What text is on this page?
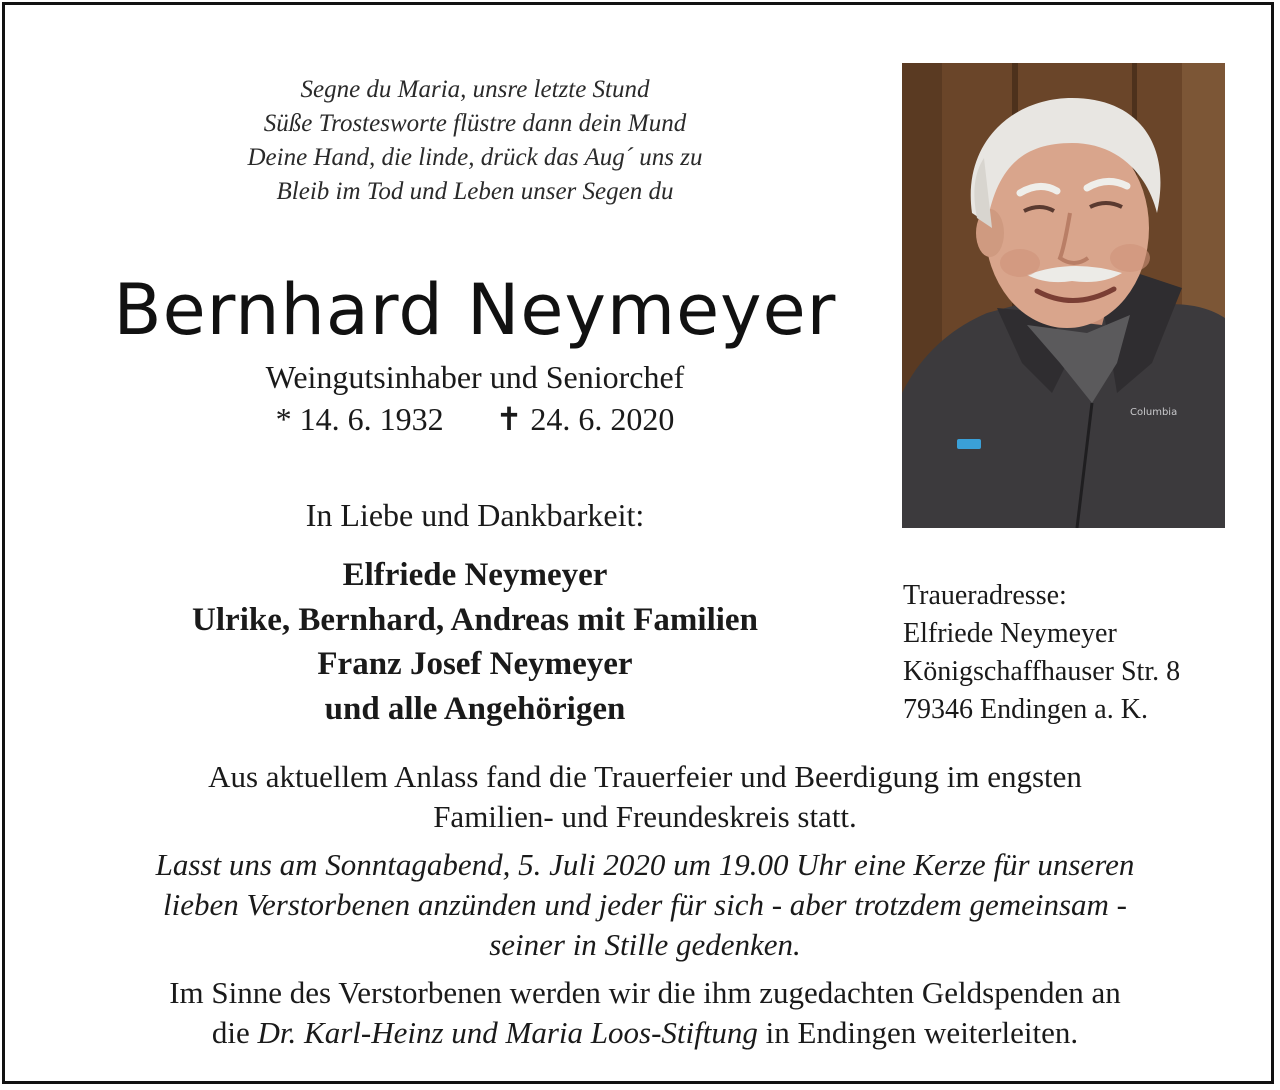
Segne du Maria, unsre letzte Stund
Süße Trostesworte flüstre dann dein Mund
Deine Hand, die linde, drück das Aug´ uns zu
Bleib im Tod und Leben unser Segen du
Bernhard Neymeyer
Weingutsinhaber und Seniorchef
* 14. 6. 1932 ✝ 24. 6. 2020
In Liebe und Dankbarkeit:
Elfriede Neymeyer
Ulrike, Bernhard, Andreas mit Familien
Franz Josef Neymeyer
und alle Angehörigen
Columbia
Traueradresse:
Elfriede Neymeyer
Königschaffhauser Str. 8
79346 Endingen a. K.
Aus aktuellem Anlass fand die Trauerfeier und Beerdigung im engsten
Familien- und Freundeskreis statt.
Lasst uns am Sonntagabend, 5. Juli 2020 um 19.00 Uhr eine Kerze für unseren
lieben Verstorbenen anzünden und jeder für sich - aber trotzdem gemeinsam -
seiner in Stille gedenken.
Im Sinne des Verstorbenen werden wir die ihm zugedachten Geldspenden an
die Dr. Karl-Heinz und Maria Loos-Stiftung in Endingen weiterleiten.
